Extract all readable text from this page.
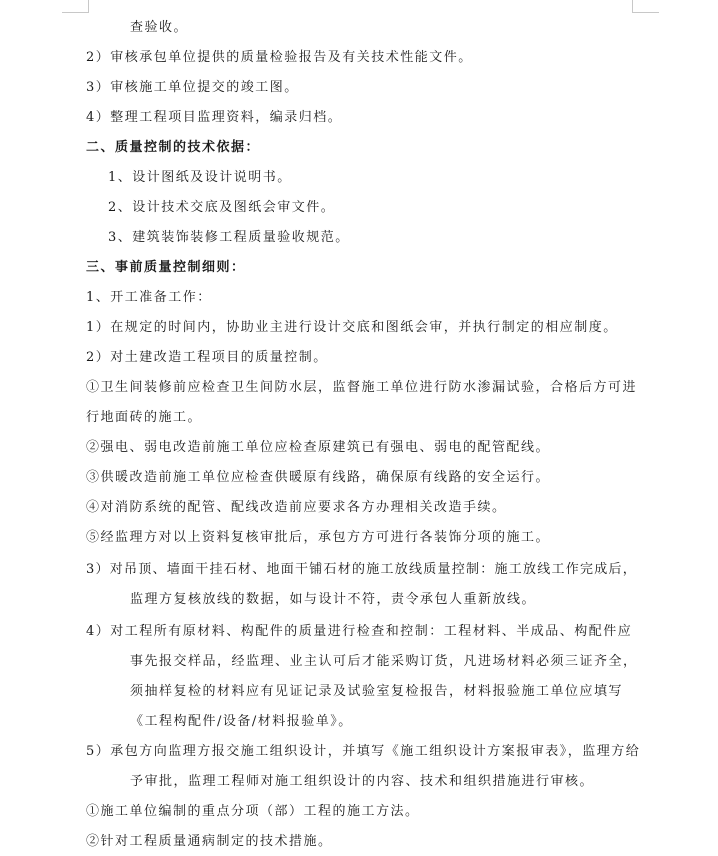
查验收。
2）审核承包单位提供的质量检验报告及有关技术性能文件。
3）审核施工单位提交的竣工图。
4）整理工程项目监理资料，编录归档。
二、质量控制的技术依据：
1、设计图纸及设计说明书。
2、设计技术交底及图纸会审文件。
3、建筑装饰装修工程质量验收规范。
三、事前质量控制细则：
1、开工准备工作：
1）在规定的时间内，协助业主进行设计交底和图纸会审，并执行制定的相应制度。
2）对土建改造工程项目的质量控制。
①卫生间装修前应检查卫生间防水层，监督施工单位进行防水渗漏试验，合格后方可进
行地面砖的施工。
②强电、弱电改造前施工单位应检查原建筑已有强电、弱电的配管配线。
③供暖改造前施工单位应检查供暖原有线路，确保原有线路的安全运行。
④对消防系统的配管、配线改造前应要求各方办理相关改造手续。
⑤经监理方对以上资料复核审批后，承包方方可进行各装饰分项的施工。
3）对吊顶、墙面干挂石材、地面干铺石材的施工放线质量控制：施工放线工作完成后，
监理方复核放线的数据，如与设计不符，责令承包人重新放线。
4）对工程所有原材料、构配件的质量进行检查和控制：工程材料、半成品、构配件应
事先报交样品，经监理、业主认可后才能采购订货，凡进场材料必须三证齐全，
须抽样复检的材料应有见证记录及试验室复检报告，材料报验施工单位应填写
《工程构配件/设备/材料报验单》。
5）承包方向监理方报交施工组织设计，并填写《施工组织设计方案报审表》，监理方给
予审批，监理工程师对施工组织设计的内容、技术和组织措施进行审核。
①施工单位编制的重点分项（部）工程的施工方法。
②针对工程质量通病制定的技术措施。
